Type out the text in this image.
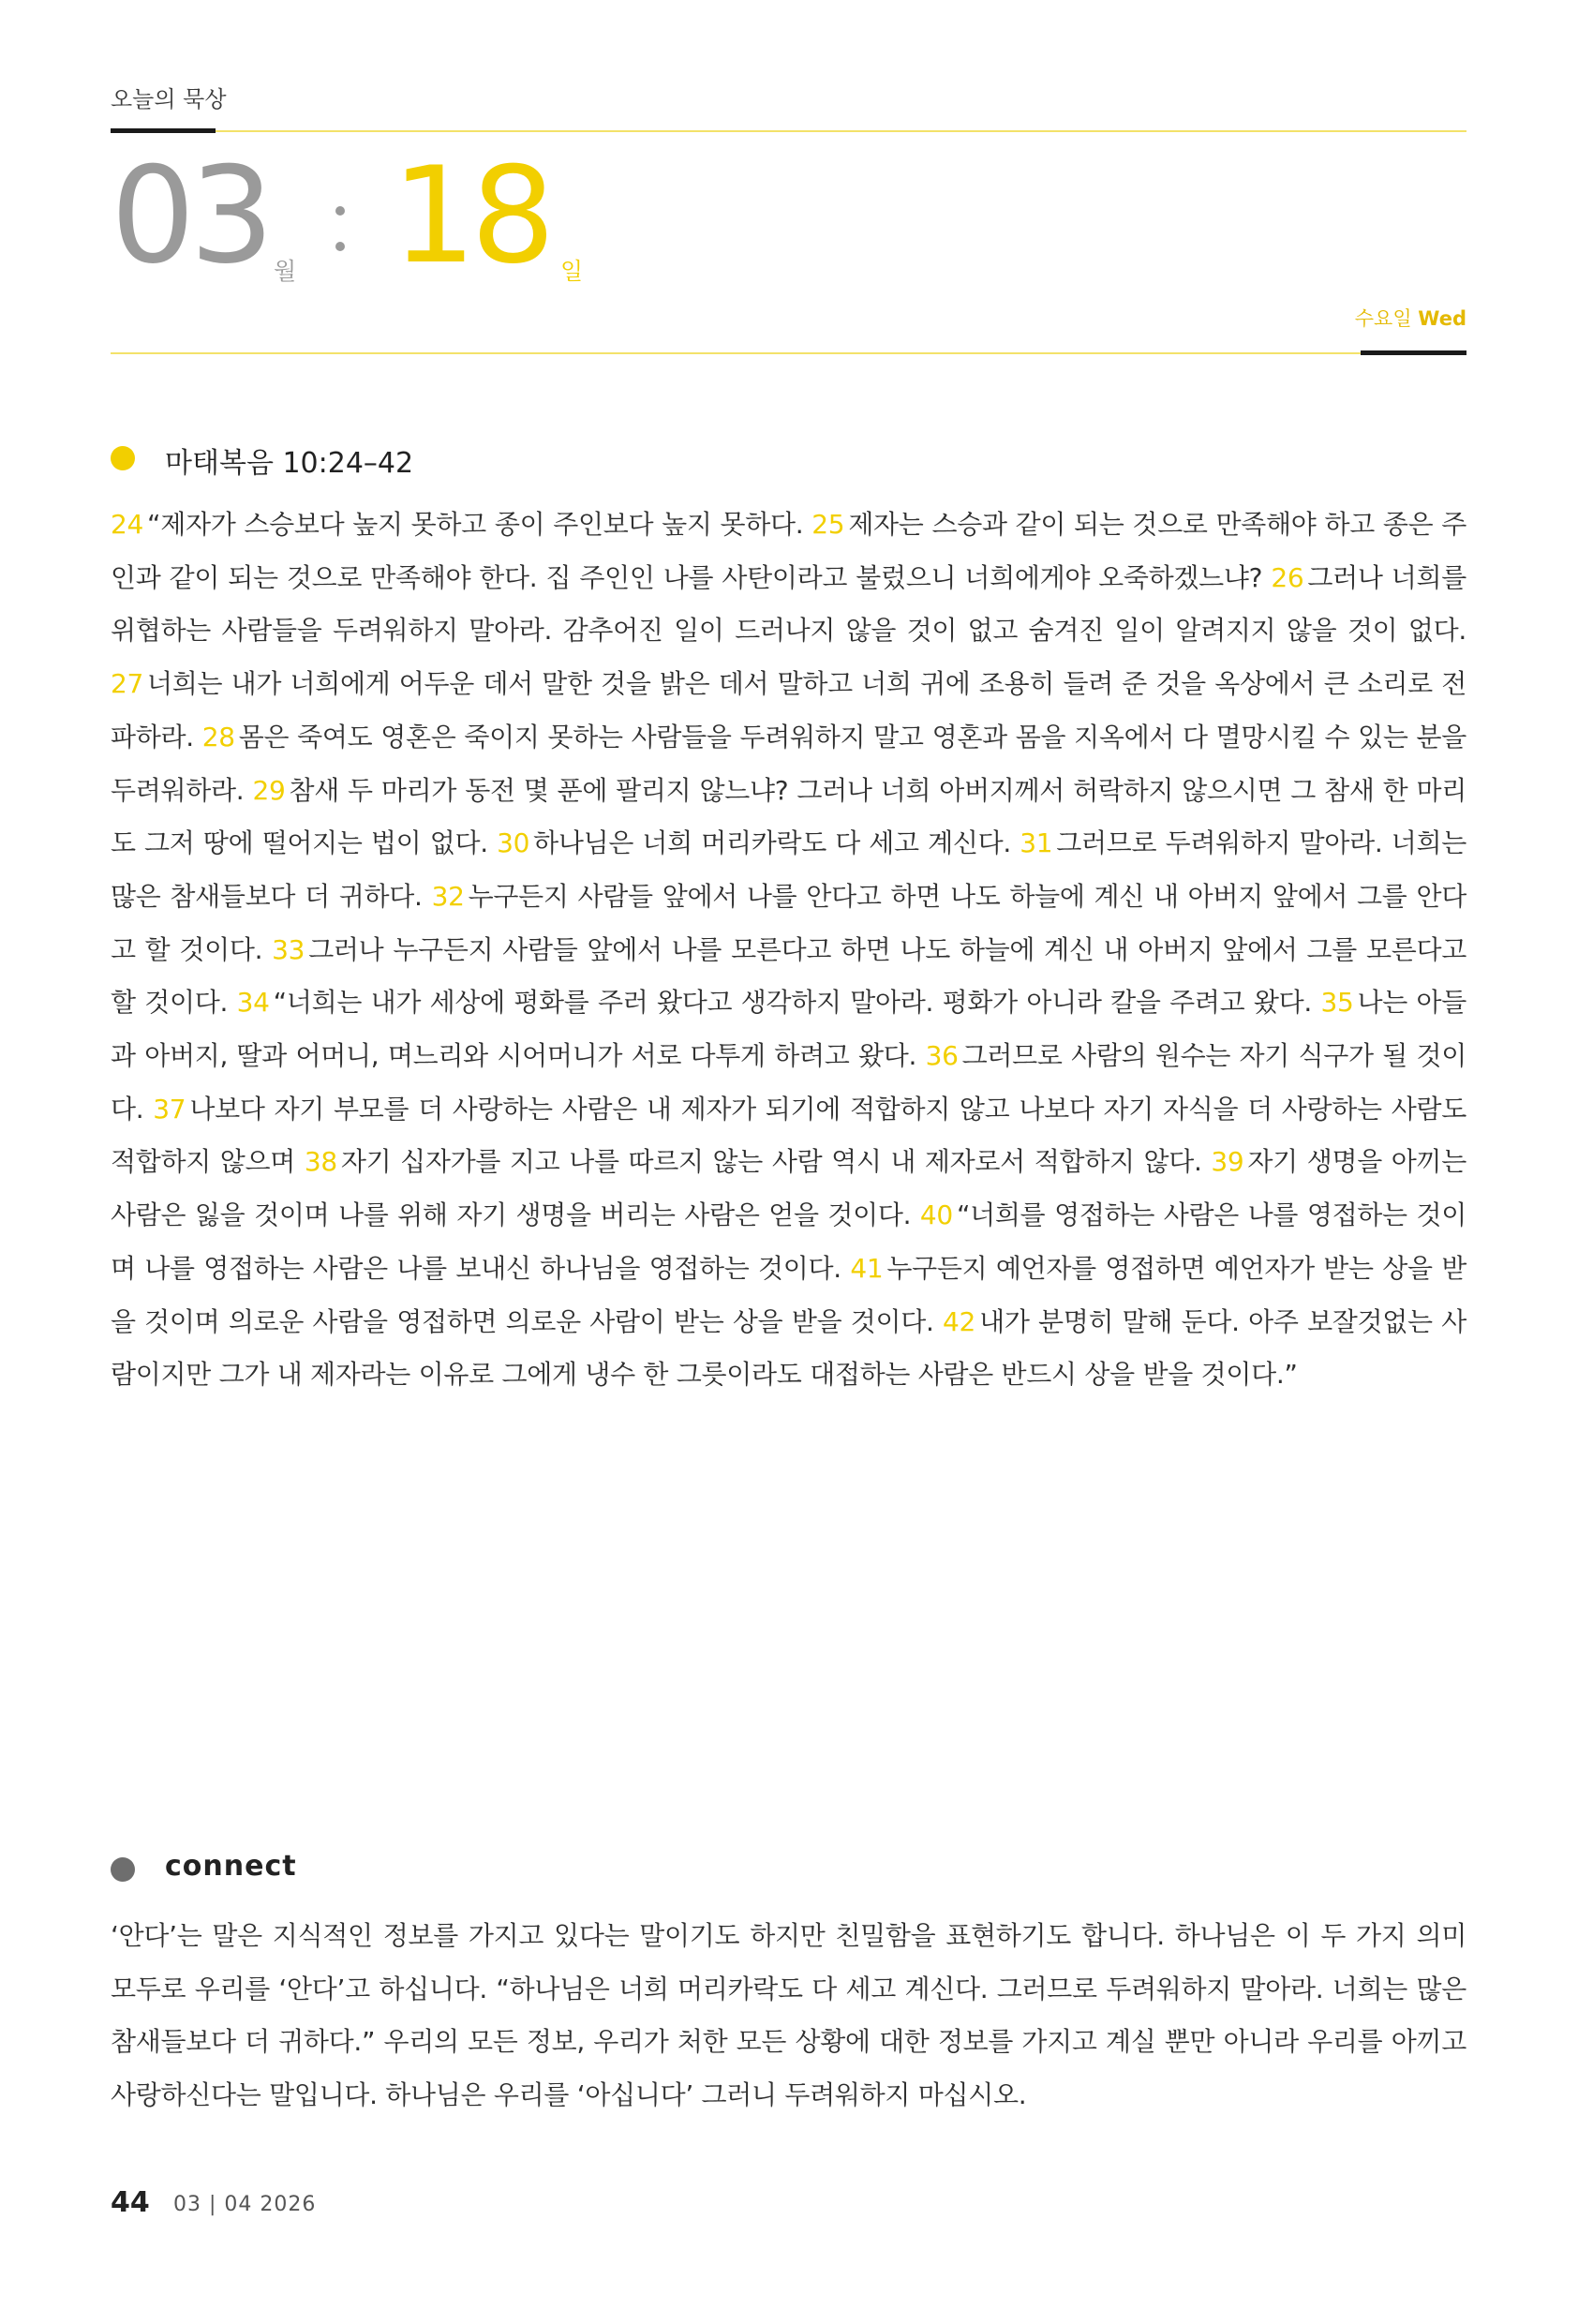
오늘의 묵상
03 월 18 일
수요일 Wed
마태복음 10:24–42
24 “제자가 스승보다 높지 못하고 종이 주인보다 높지 못하다. 25 제자는 스승과 같이 되는 것으로 만족해야 하고 종은 주인과 같이 되는 것으로 만족해야 한다. 집 주인인 나를 사탄이라고 불렀으니 너희에게야 오죽하겠느냐? 26 그러나 너희를 위협하는 사람들을 두려워하지 말아라. 감추어진 일이 드러나지 않을 것이 없고 숨겨진 일이 알려지지 않을 것이 없다. 27 너희는 내가 너희에게 어두운 데서 말한 것을 밝은 데서 말하고 너희 귀에 조용히 들려 준 것을 옥상에서 큰 소리로 전파하라. 28 몸은 죽여도 영혼은 죽이지 못하는 사람들을 두려워하지 말고 영혼과 몸을 지옥에서 다 멸망시킬 수 있는 분을 두려워하라. 29 참새 두 마리가 동전 몇 푼에 팔리지 않느냐? 그러나 너희 아버지께서 허락하지 않으시면 그 참새 한 마리도 그저 땅에 떨어지는 법이 없다. 30 하나님은 너희 머리카락도 다 세고 계신다. 31 그러므로 두려워하지 말아라. 너희는 많은 참새들보다 더 귀하다. 32 누구든지 사람들 앞에서 나를 안다고 하면 나도 하늘에 계신 내 아버지 앞에서 그를 안다고 할 것이다. 33 그러나 누구든지 사람들 앞에서 나를 모른다고 하면 나도 하늘에 계신 내 아버지 앞에서 그를 모른다고 할 것이다. 34 “너희는 내가 세상에 평화를 주러 왔다고 생각하지 말아라. 평화가 아니라 칼을 주려고 왔다. 35 나는 아들과 아버지, 딸과 어머니, 며느리와 시어머니가 서로 다투게 하려고 왔다. 36 그러므로 사람의 원수는 자기 식구가 될 것이다. 37 나보다 자기 부모를 더 사랑하는 사람은 내 제자가 되기에 적합하지 않고 나보다 자기 자식을 더 사랑하는 사람도 적합하지 않으며 38 자기 십자가를 지고 나를 따르지 않는 사람 역시 내 제자로서 적합하지 않다. 39 자기 생명을 아끼는 사람은 잃을 것이며 나를 위해 자기 생명을 버리는 사람은 얻을 것이다. 40 “너희를 영접하는 사람은 나를 영접하는 것이며 나를 영접하는 사람은 나를 보내신 하나님을 영접하는 것이다. 41 누구든지 예언자를 영접하면 예언자가 받는 상을 받을 것이며 의로운 사람을 영접하면 의로운 사람이 받는 상을 받을 것이다. 42 내가 분명히 말해 둔다. 아주 보잘것없는 사람이지만 그가 내 제자라는 이유로 그에게 냉수 한 그릇이라도 대접하는 사람은 반드시 상을 받을 것이다.”
connect
‘안다’는 말은 지식적인 정보를 가지고 있다는 말이기도 하지만 친밀함을 표현하기도 합니다. 하나님은 이 두 가지 의미 모두로 우리를 ‘안다’고 하십니다. “하나님은 너희 머리카락도 다 세고 계신다. 그러므로 두려워하지 말아라. 너희는 많은 참새들보다 더 귀하다.” 우리의 모든 정보, 우리가 처한 모든 상황에 대한 정보를 가지고 계실 뿐만 아니라 우리를 아끼고 사랑하신다는 말입니다. 하나님은 우리를 ‘아십니다’ 그러니 두려워하지 마십시오.
44 03 | 04 2026
